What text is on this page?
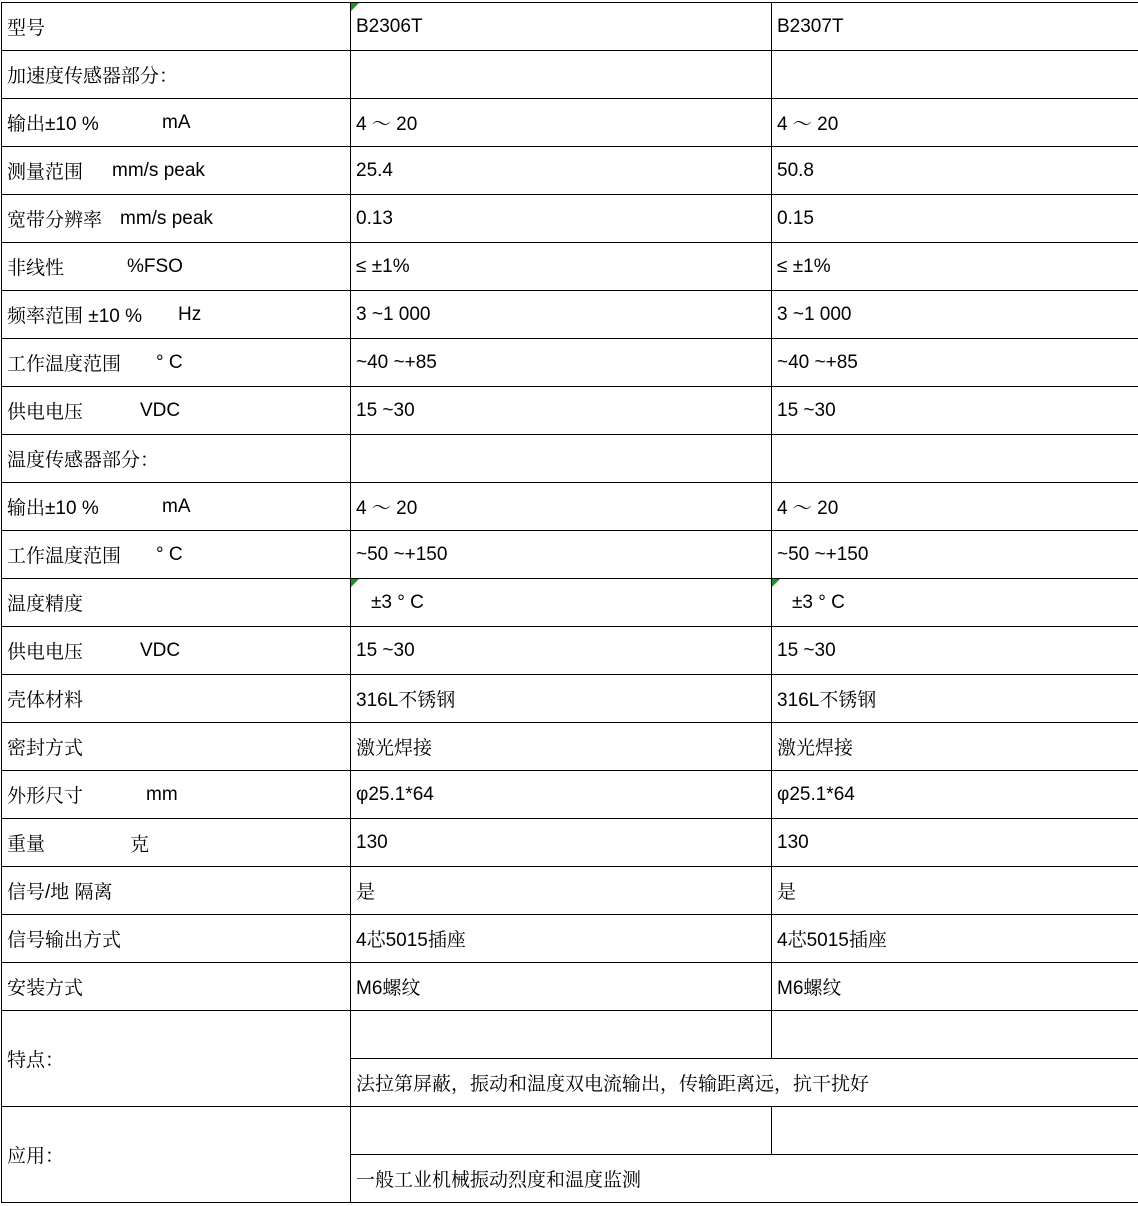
型号	B2306T	B2307T
加速度传感器部分：		
输出±10 % mA	4 ～ 20	4 ～ 20
测量范围 mm/s peak	25.4	50.8
宽带分辨率 mm/s peak	0.13	0.15
非线性 %FSO	≤ ±1%	≤ ±1%
频率范围 ±10 % Hz	3 ~1 000	3 ~1 000
工作温度范围 ° C	~40 ~+85	~40 ~+85
供电电压 VDC	15 ~30	15 ~30
温度传感器部分：		
输出±10 % mA	4 ～ 20	4 ～ 20
工作温度范围 ° C	~50 ~+150	~50 ~+150
温度精度	±3 ° C	±3 ° C
供电电压 VDC	15 ~30	15 ~30
壳体材料	316L不锈钢	316L不锈钢
密封方式	激光焊接	激光焊接
外形尺寸 mm	φ25.1*64	φ25.1*64
重量 克	130	130
信号/地 隔离	是	是
信号输出方式	4芯5015插座	4芯5015插座
安装方式	M6螺纹	M6螺纹
特点：		
	法拉第屏蔽，振动和温度双电流输出，传输距离远，抗干扰好	
应用：		
	一般工业机械振动烈度和温度监测	
